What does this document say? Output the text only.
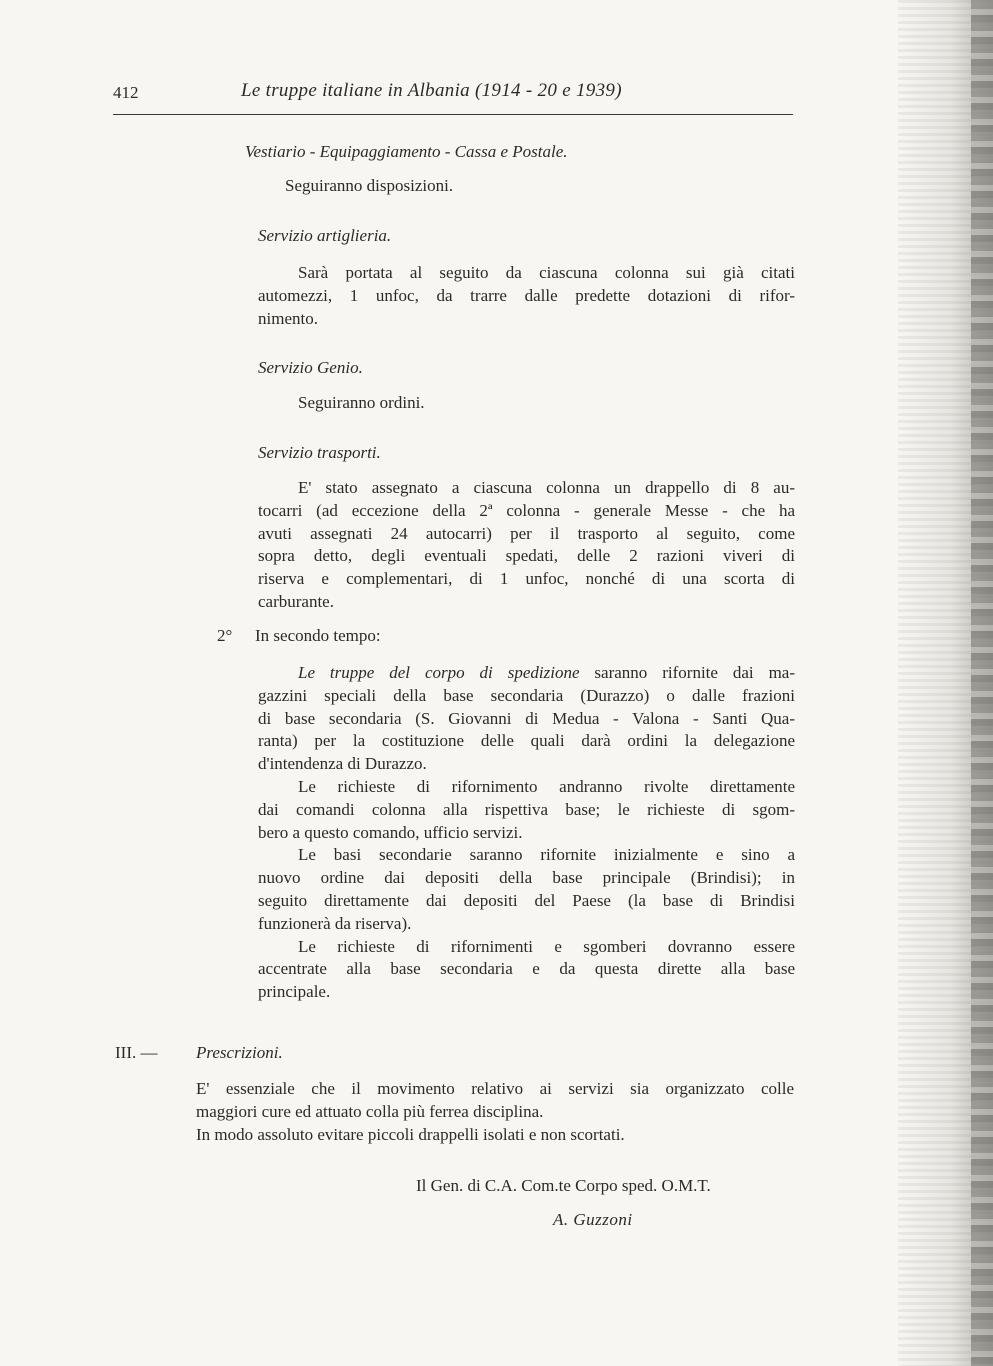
412	Le truppe italiane in Albania (1914 - 20 e 1939)
Vestiario - Equipaggiamento - Cassa e Postale.
Seguiranno disposizioni.
Servizio artiglieria.

Sarà portata al seguito da ciascuna colonna sui già citati

automezzi, 1 unfoc, da trarre dalle predette dotazioni di rifor-

nimento.

Servizio Genio.
Seguiranno ordini.
Servizio trasporti.

E' stato assegnato a ciascuna colonna un drappello di 8 au-

tocarri (ad eccezione della 2ª colonna - generale Messe - che ha

avuti assegnati 24 autocarri) per il trasporto al seguito, come

sopra detto, degli eventuali spedati, delle 2 razioni viveri di

riserva e complementari, di 1 unfoc, nonché di una scorta di

carburante.

2° In secondo tempo:

Le truppe del corpo di spedizione saranno rifornite dai ma-

gazzini speciali della base secondaria (Durazzo) o dalle frazioni

di base secondaria (S. Giovanni di Medua - Valona - Santi Qua-

ranta) per la costituzione delle quali darà ordini la delegazione

d'intendenza di Durazzo.

Le richieste di rifornimento andranno rivolte direttamente

dai comandi colonna alla rispettiva base; le richieste di sgom-

bero a questo comando, ufficio servizi.

Le basi secondarie saranno rifornite inizialmente e sino a

nuovo ordine dai depositi della base principale (Brindisi); in

seguito direttamente dai depositi del Paese (la base di Brindisi

funzionerà da riserva).

Le richieste di rifornimenti e sgomberi dovranno essere

accentrate alla base secondaria e da questa dirette alla base

principale.

III. — Prescrizioni.

E' essenziale che il movimento relativo ai servizi sia organizzato colle

maggiori cure ed attuato colla più ferrea disciplina.

In modo assoluto evitare piccoli drappelli isolati e non scortati.

Il Gen. di C.A. Com.te Corpo sped. O.M.T.
A. Guzzoni
